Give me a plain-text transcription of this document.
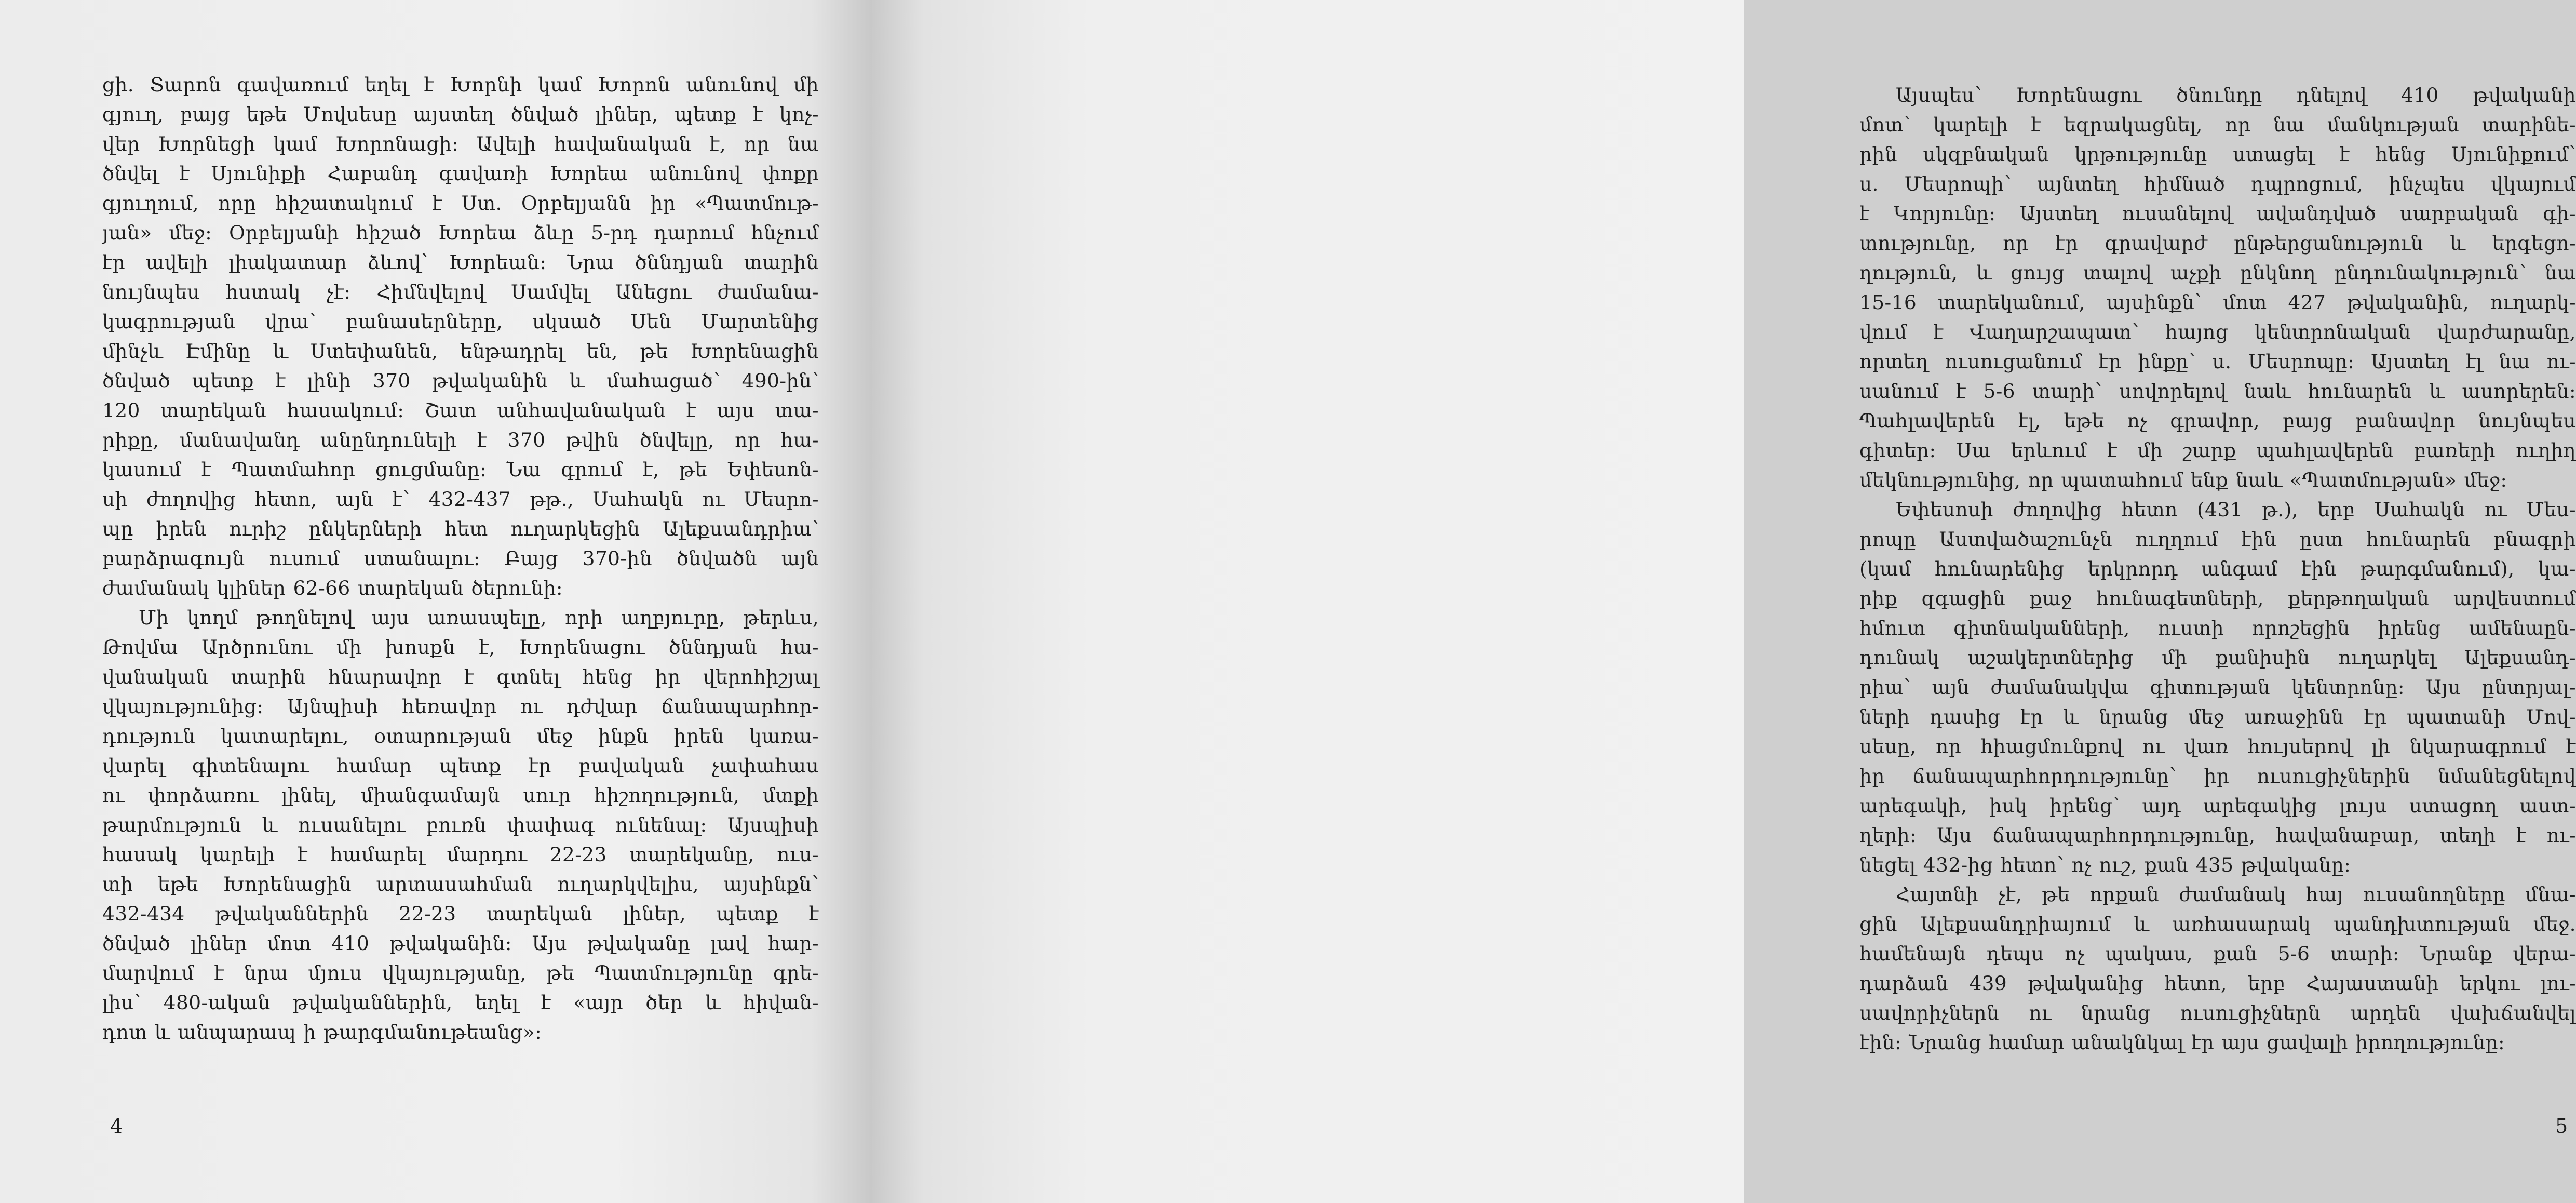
ցի. Տարոն գավառում եղել է Խորնի կամ Խորոն անունով մի
գյուղ, բայց եթե Մովսեսը այստեղ ծնված լիներ, պետք է կոչ-
վեր Խորնեցի կամ Խորոնացի: Ավելի հավանական է, որ նա
ծնվել է Սյունիքի Հաբանդ գավառի Խորեա անունով փոքր
գյուղում, որը հիշատակում է Ստ. Օրբելյանն իր «Պատմութ-
յան» մեջ: Օրբելյանի հիշած Խորեա ձևը 5-րդ դարում հնչում
էր ավելի լիակատար ձևով՝ Խորեան: Նրա ծննդյան տարին
նույնպես հստակ չէ: Հիմնվելով Սամվել Անեցու ժամանա-
կագրության վրա՝ բանասերները, սկսած Սեն Մարտենից
մինչև Էմինը և Ստեփանեն, ենթադրել են, թե Խորենացին
ծնված պետք է լինի 370 թվականին և մահացած՝ 490-ին՝
120 տարեկան հասակում: Շատ անհավանական է այս տա-
րիքը, մանավանդ անընդունելի է 370 թվին ծնվելը, որ հա-
կասում է Պատմահոր ցուցմանը: Նա գրում է, թե Եփեսոն-
սի ժողովից հետո, այն է՝ 432-437 թթ., Սահակն ու Մեսրո-
պը իրեն ուրիշ ընկերների հետ ուղարկեցին Ալեքսանդրիա՝
բարձրագույն ուսում ստանալու: Բայց 370-ին ծնվածն այն
ժամանակ կլիներ 62-66 տարեկան ծերունի:
Մի կողմ թողնելով այս առասպելը, որի աղբյուրը, թերևս,
Թովմա Արծրունու մի խոսքն է, Խորենացու ծննդյան հա-
վանական տարին հնարավոր է գտնել հենց իր վերոհիշյալ
վկայությունից: Այնպիսի հեռավոր ու դժվար ճանապարհոր-
դություն կատարելու, օտարության մեջ ինքն իրեն կառա-
վարել գիտենալու համար պետք էր բավական չափահաս
ու փորձառու լինել, միանգամայն սուր հիշողություն, մտքի
թարմություն և ուսանելու բուռն փափագ ունենալ: Այսպիսի
հասակ կարելի է համարել մարդու 22-23 տարեկանը, ուս-
տի եթե Խորենացին արտասահման ուղարկվելիս, այսինքն՝
432-434 թվականներին 22-23 տարեկան լիներ, պետք է
ծնված լիներ մոտ 410 թվականին: Այս թվականը լավ հար-
մարվում է նրա մյուս վկայությանը, թե Պատմությունը գրե-
լիս՝ 480-ական թվականներին, եղել է «այր ծեր և հիվան-
դոտ և անպարապ ի թարգմանութեանց»:
4
Այսպես՝ Խորենացու ծնունդը դնելով 410 թվականի
մոտ՝ կարելի է եզրակացնել, որ նա մանկության տարինե-
րին սկզբնական կրթությունը ստացել է հենց Սյունիքում՝
ս. Մեսրոպի՝ այնտեղ հիմնած դպրոցում, ինչպես վկայում
է Կորյունը: Այստեղ ուսանելով ավանդված սարբական գի-
տությունը, որ էր գրավարժ ընթերցանություն և երգեցո-
ղություն, և ցույց տալով աչքի ընկնող ընդունակություն՝ նա
15-16 տարեկանում, այսինքն՝ մոտ 427 թվականին, ուղարկ-
վում է Վաղարշապատ՝ հայոց կենտրոնական վարժարանը,
որտեղ ուսուցանում էր ինքը՝ ս. Մեսրոպը: Այստեղ էլ նա ու-
սանում է 5-6 տարի՝ սովորելով նաև հունարեն և ասորերեն:
Պահլավերեն էլ, եթե ոչ գրավոր, բայց բանավոր նույնպես
գիտեր: Սա երևում է մի շարք պահլավերեն բառերի ուղիղ
մեկնությունից, որ պատահում ենք նաև «Պատմության» մեջ:
Եփեսոսի ժողովից հետո (431 թ.), երբ Սահակն ու Մես-
րոպը Աստվածաշունչն ուղղում էին ըստ հունարեն բնագրի
(կամ հունարենից երկրորդ անգամ էին թարգմանում), կա-
րիք զգացին քաջ հունագետների, քերթողական արվեստում
հմուտ գիտնականների, ուստի որոշեցին իրենց ամենաըն-
դունակ աշակերտներից մի քանիսին ուղարկել Ալեքսանդ-
րիա՝ այն ժամանակվա գիտության կենտրոնը: Այս ընտրյալ-
ների դասից էր և նրանց մեջ առաջինն էր պատանի Մով-
սեսը, որ հիացմունքով ու վառ հույսերով լի նկարագրում է
իր ճանապարհորդությունը՝ իր ուսուցիչներին նմանեցնելով
արեգակի, իսկ իրենց՝ այդ արեգակից լույս ստացող աստ-
ղերի: Այս ճանապարհորդությունը, հավանաբար, տեղի է ու-
նեցել 432-ից հետո՝ ոչ ուշ, քան 435 թվականը:
Հայտնի չէ, թե որքան ժամանակ հայ ուսանողները մնա-
ցին Ալեքսանդրիայում և առհասարակ պանդխտության մեջ.
համենայն դեպս ոչ պակաս, քան 5-6 տարի: Նրանք վերա-
դարձան 439 թվականից հետո, երբ Հայաստանի երկու լու-
սավորիչներն ու նրանց ուսուցիչներն արդեն վախճանվել
էին: Նրանց համար անակնկալ էր այս ցավալի իրողությունը:
5
